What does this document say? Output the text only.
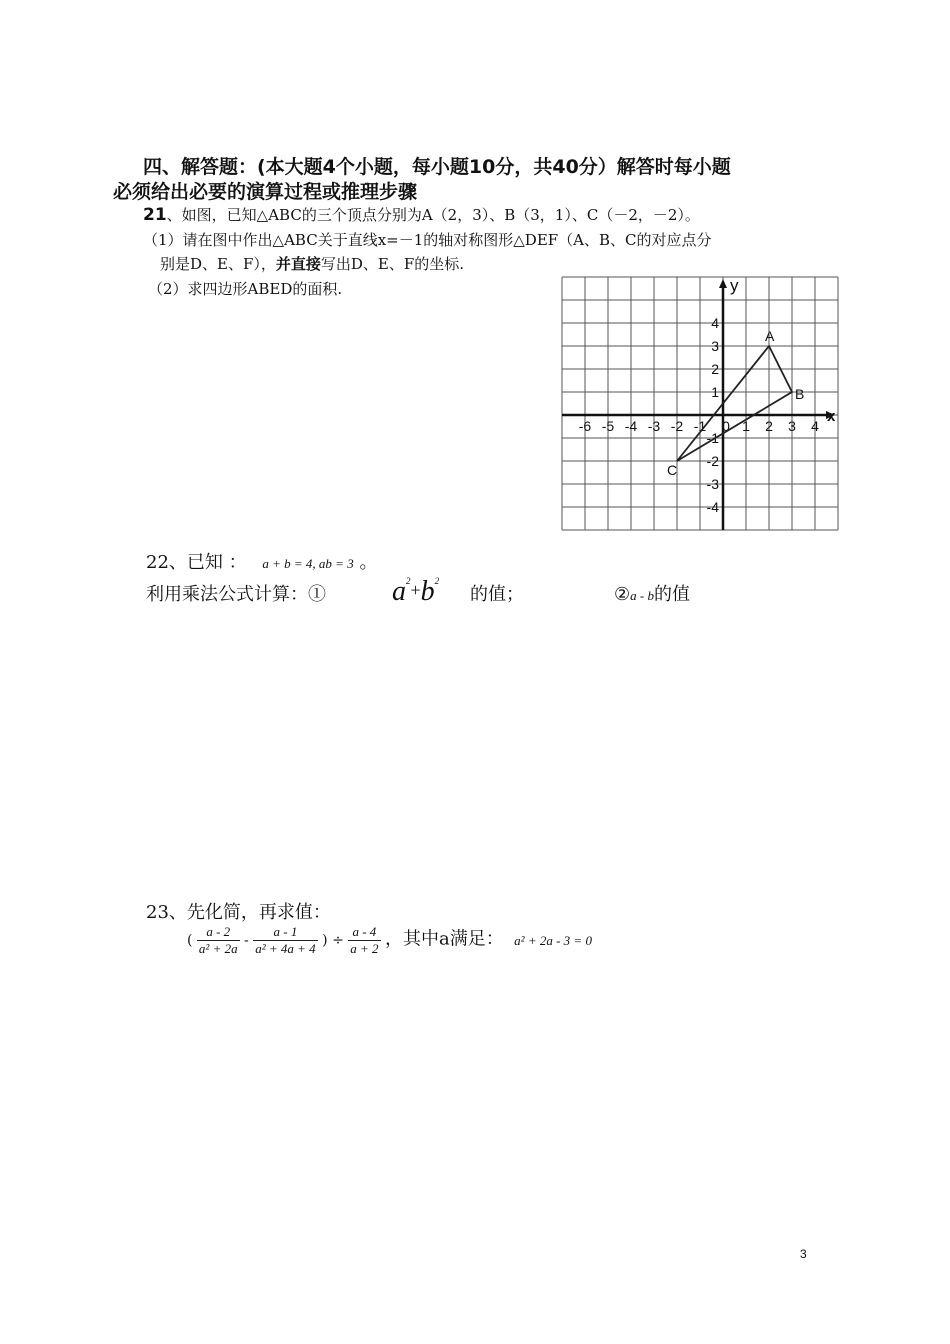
四、解答题：(本大题4个小题，每小题10分，共40分）解答时每小题
必须给出必要的演算过程或推理步骤
21、如图，已知△ABC的三个顶点分别为A（2，3）、B（3，1）、C（－2，－2）。
（1）请在图中作出△ABC关于直线x=－1的轴对称图形△DEF（A、B、C的对应点分
别是D、E、F），并直接写出D、E、F的坐标.
（2）求四边形ABED的面积.
x
y
-6 -5 -4 -3 -2 -1 0 1 2 3 4
4
3
2
1
-1
-2
-3
-4
A
B
C
22、已知 ： a + b = 4, ab = 3 。
利用乘法公式计算：① $a^2+b^2$
的值；	②a - b的值
23、先化简，再求值：
( $\frac{a - 2}{\text{a² + 2a}} - \frac{a - 1}{\text{a² + 4a + 4}}$ ) ÷ $\frac{a - 4}{a + 2}$ ，其中a满足： a² + 2a - 3 = 0
3
